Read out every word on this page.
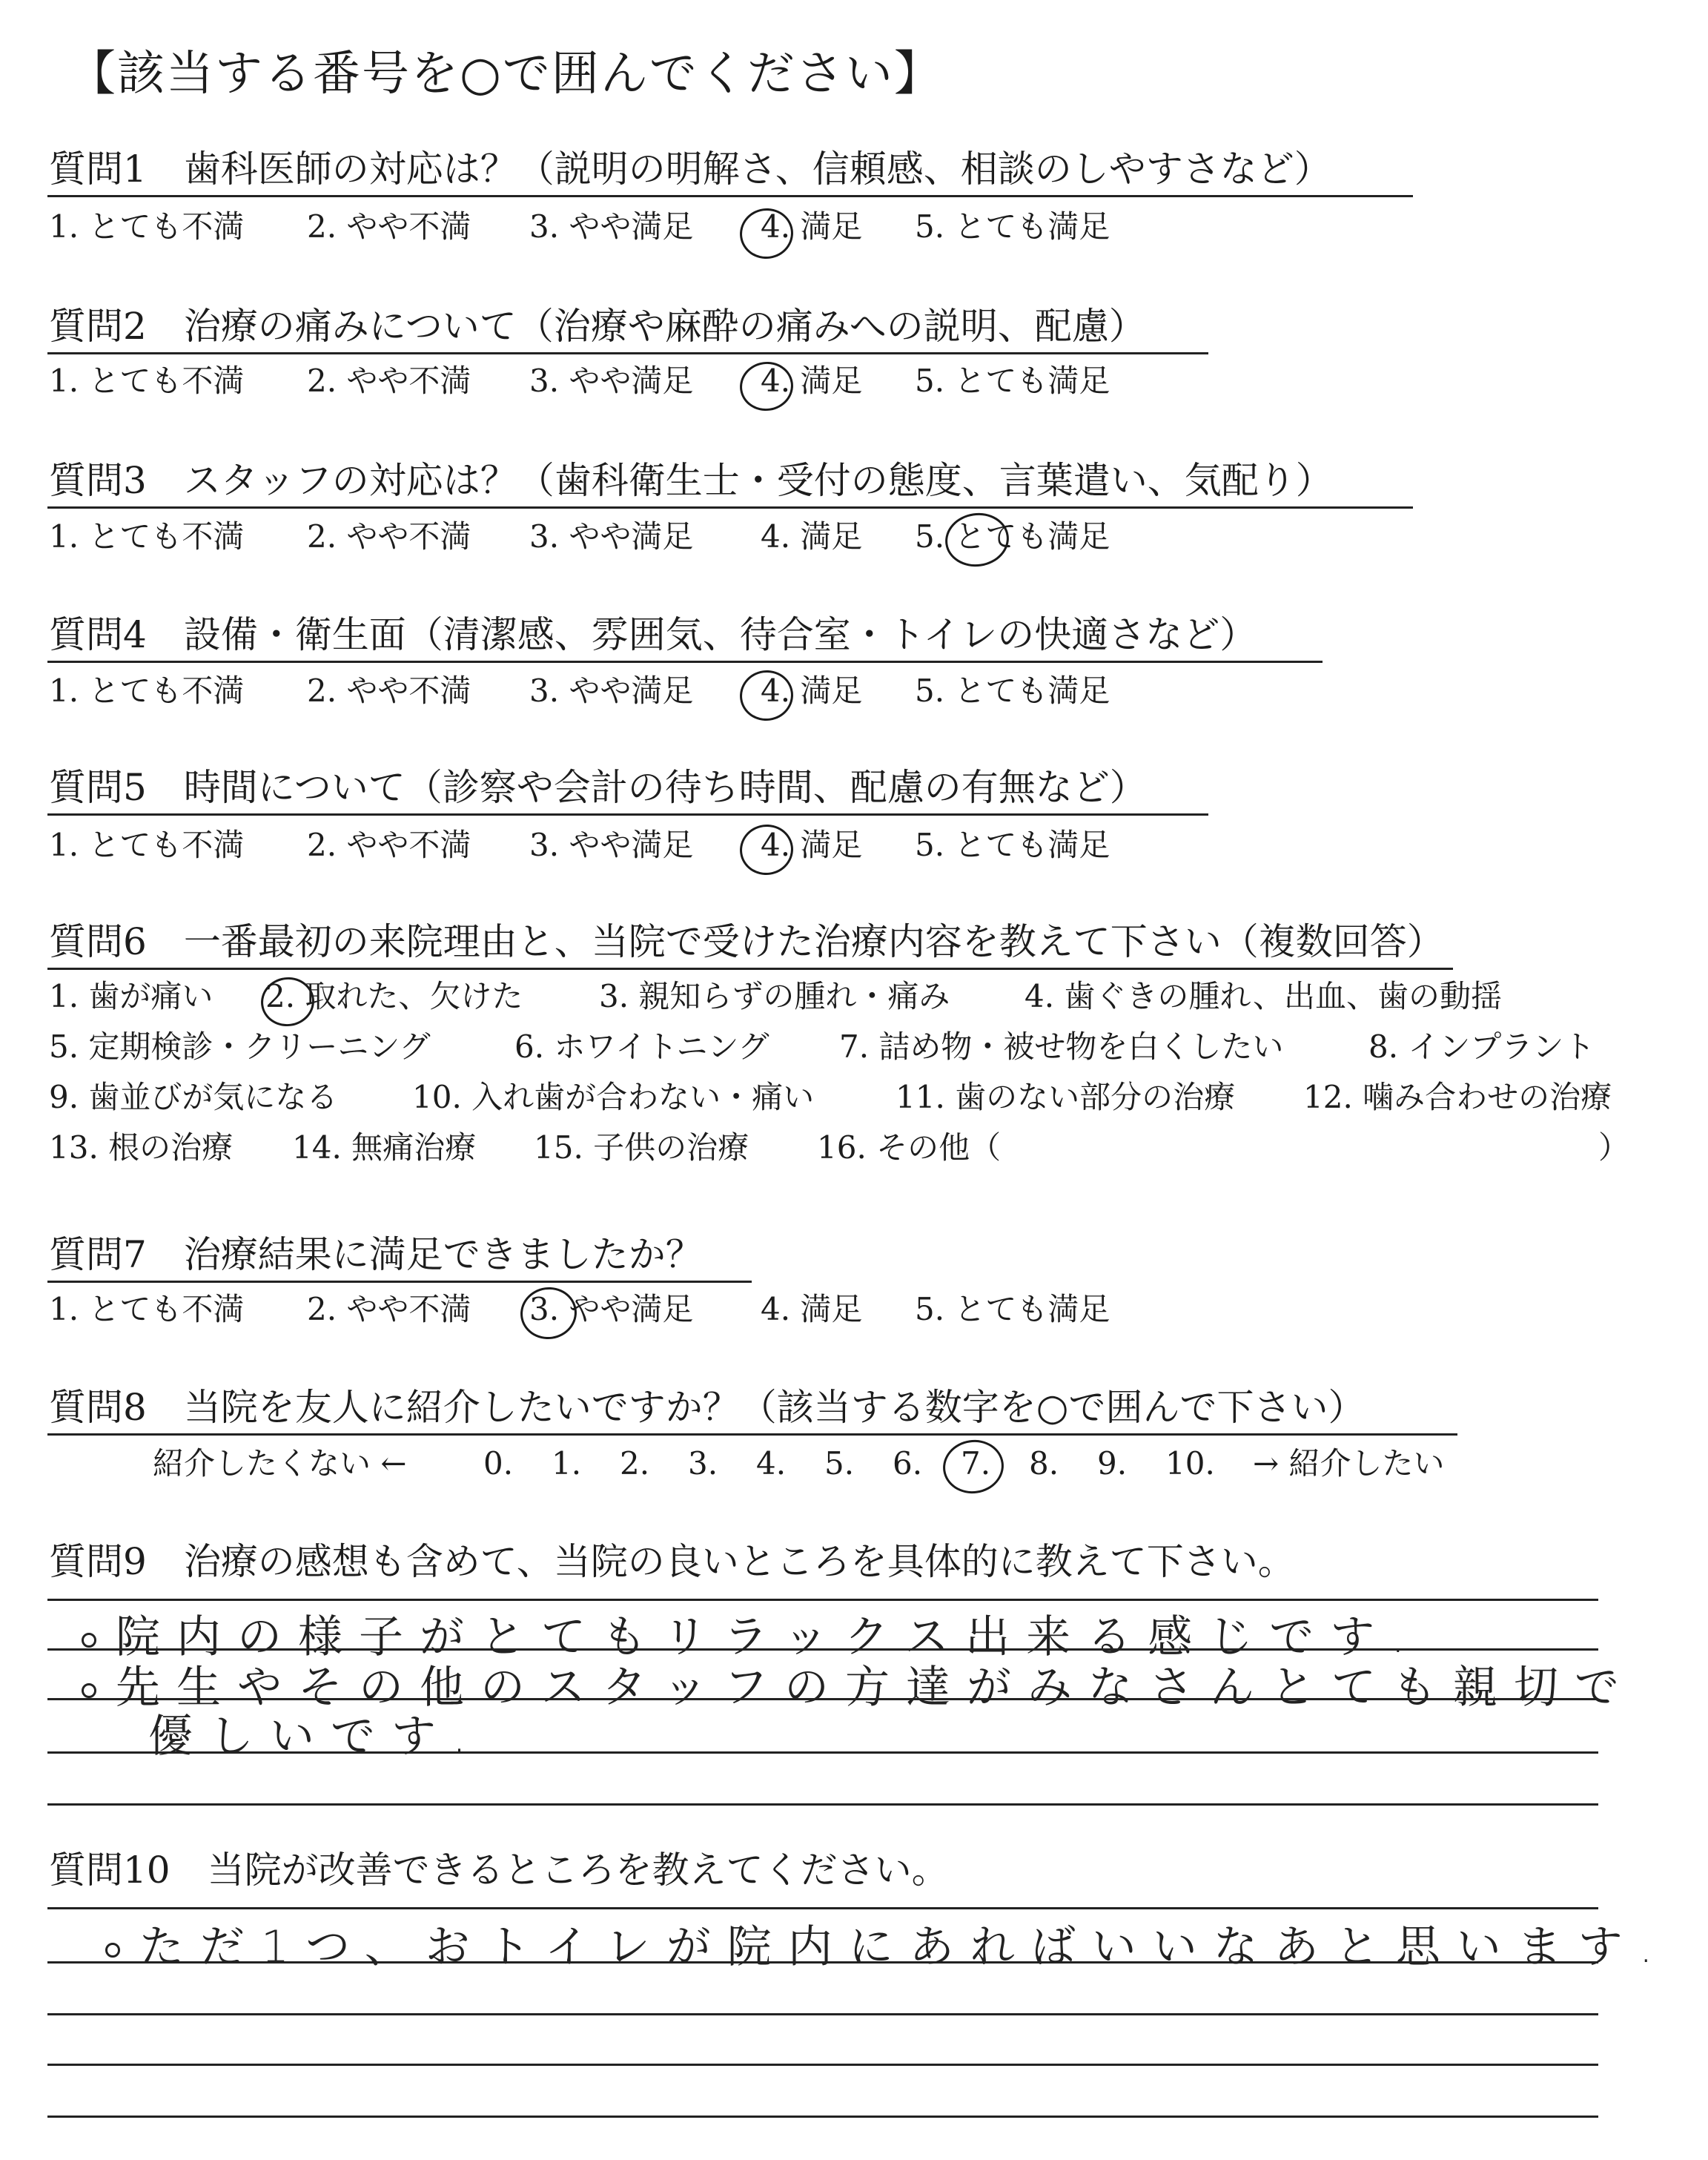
【該当する番号を○で囲んでください】
質問1 歯科医師の対応は？（説明の明解さ、信頼感、相談のしやすさなど）
1. とても不満 2. やや不満 3. やや満足 4. 満足 5. とても満足
質問2 治療の痛みについて（治療や麻酔の痛みへの説明、配慮）
1. とても不満 2. やや不満 3. やや満足 4. 満足 5. とても満足
質問3 スタッフの対応は？（歯科衛生士・受付の態度、言葉遣い、気配り）
1. とても不満 2. やや不満 3. やや満足 4. 満足 5. とても満足
質問4 設備・衛生面（清潔感、雰囲気、待合室・トイレの快適さなど）
1. とても不満 2. やや不満 3. やや満足 4. 満足 5. とても満足
質問5 時間について（診察や会計の待ち時間、配慮の有無など）
1. とても不満 2. やや不満 3. やや満足 4. 満足 5. とても満足
質問6 一番最初の来院理由と、当院で受けた治療内容を教えて下さい（複数回答）
1. 歯が痛い 2. 取れた、欠けた 3. 親知らずの腫れ・痛み 4. 歯ぐきの腫れ、出血、歯の動揺
5. 定期検診・クリーニング	6. ホワイトニング 7. 詰め物・被せ物を白くしたい	8. インプラント
9. 歯並びが気になる 10. 入れ歯が合わない・痛い	11. 歯のない部分の治療 12. 噛み合わせの治療
13. 根の治療 14. 無痛治療 15. 子供の治療 16. その他（	）
質問7 治療結果に満足できましたか？
1. とても不満 2. やや不満 3. やや満足 4. 満足 5. とても満足
質問8 当院を友人に紹介したいですか？（該当する数字を○で囲んで下さい）
紹介したくない ← 0. 1. 2. 3. 4. 5. 6. 7. 8. 9. 10. → 紹介したい
質問9 治療の感想も含めて、当院の良いところを具体的に教えて下さい。
院内の様子がとてもリラックス出来る感じです.
先生やその他のスタッフの方達がみなさんとても親切で
優しいです.
質問10 当院が改善できるところを教えてください。
ただ1つ、おトイレが院内にあればいいなあと思います.
